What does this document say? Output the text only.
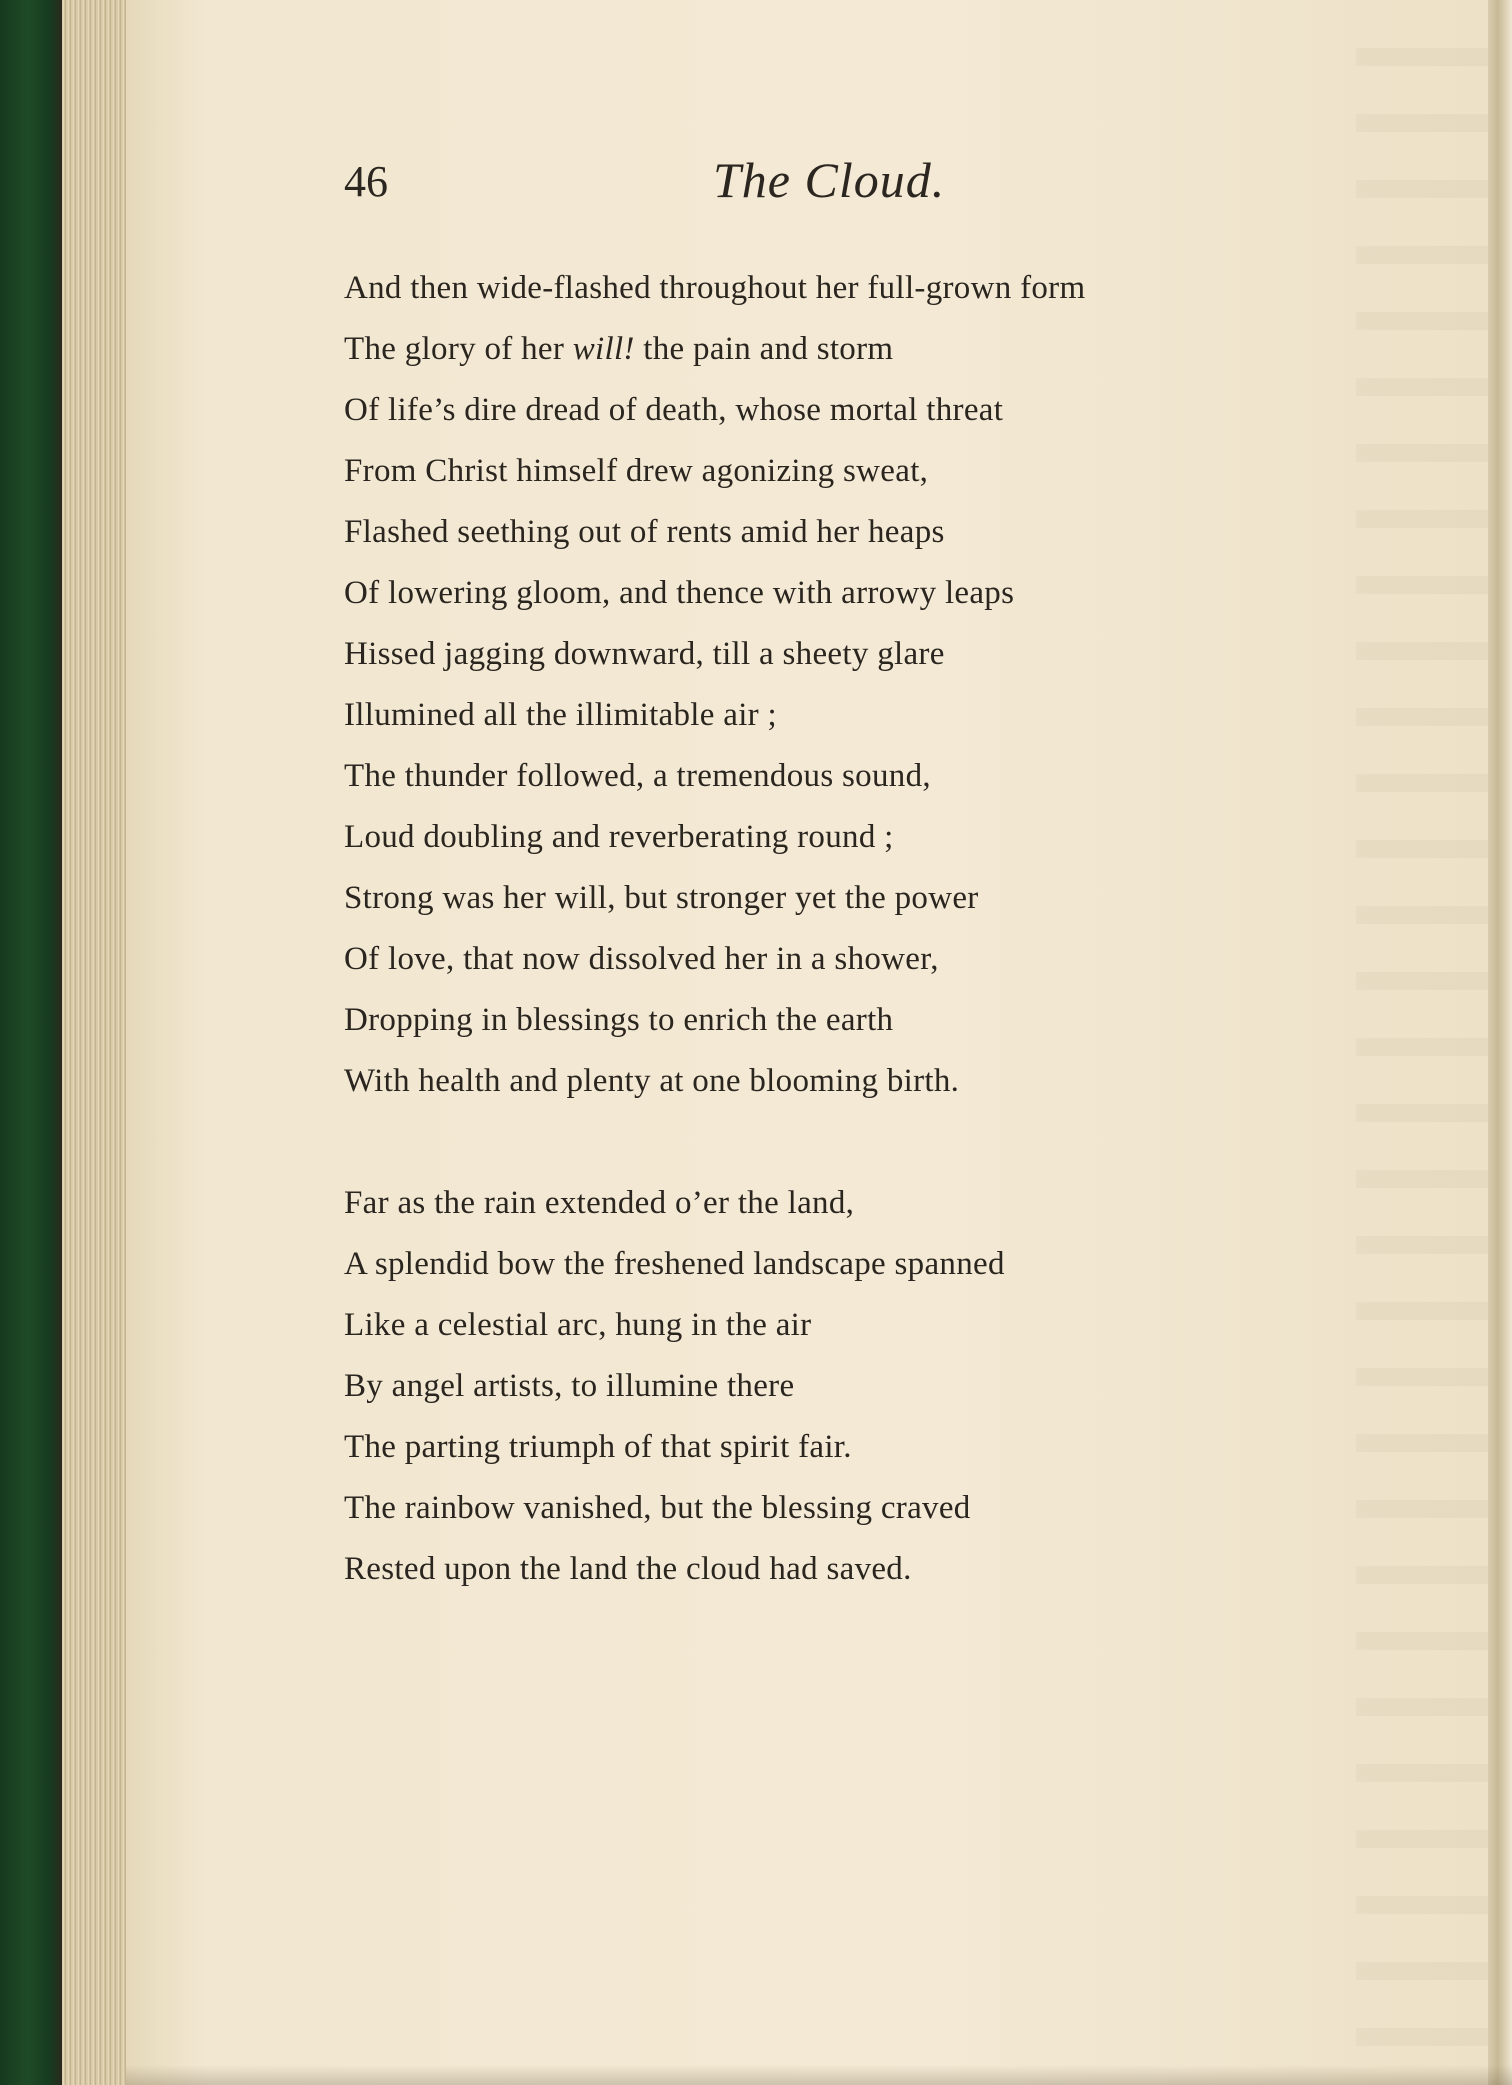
46	The Cloud.
And then wide-flashed throughout her full-grown form
The glory of her will! the pain and storm
Of life’s dire dread of death, whose mortal threat
From Christ himself drew agonizing sweat,
Flashed seething out of rents amid her heaps
Of lowering gloom, and thence with arrowy leaps
Hissed jagging downward, till a sheety glare
Illumined all the illimitable air ;
The thunder followed, a tremendous sound,
Loud doubling and reverberating round ;
Strong was her will, but stronger yet the power
Of love, that now dissolved her in a shower,
Dropping in blessings to enrich the earth
With health and plenty at one blooming birth.
Far as the rain extended o’er the land,
A splendid bow the freshened landscape spanned
Like a celestial arc, hung in the air
By angel artists, to illumine there
The parting triumph of that spirit fair.
The rainbow vanished, but the blessing craved
Rested upon the land the cloud had saved.
